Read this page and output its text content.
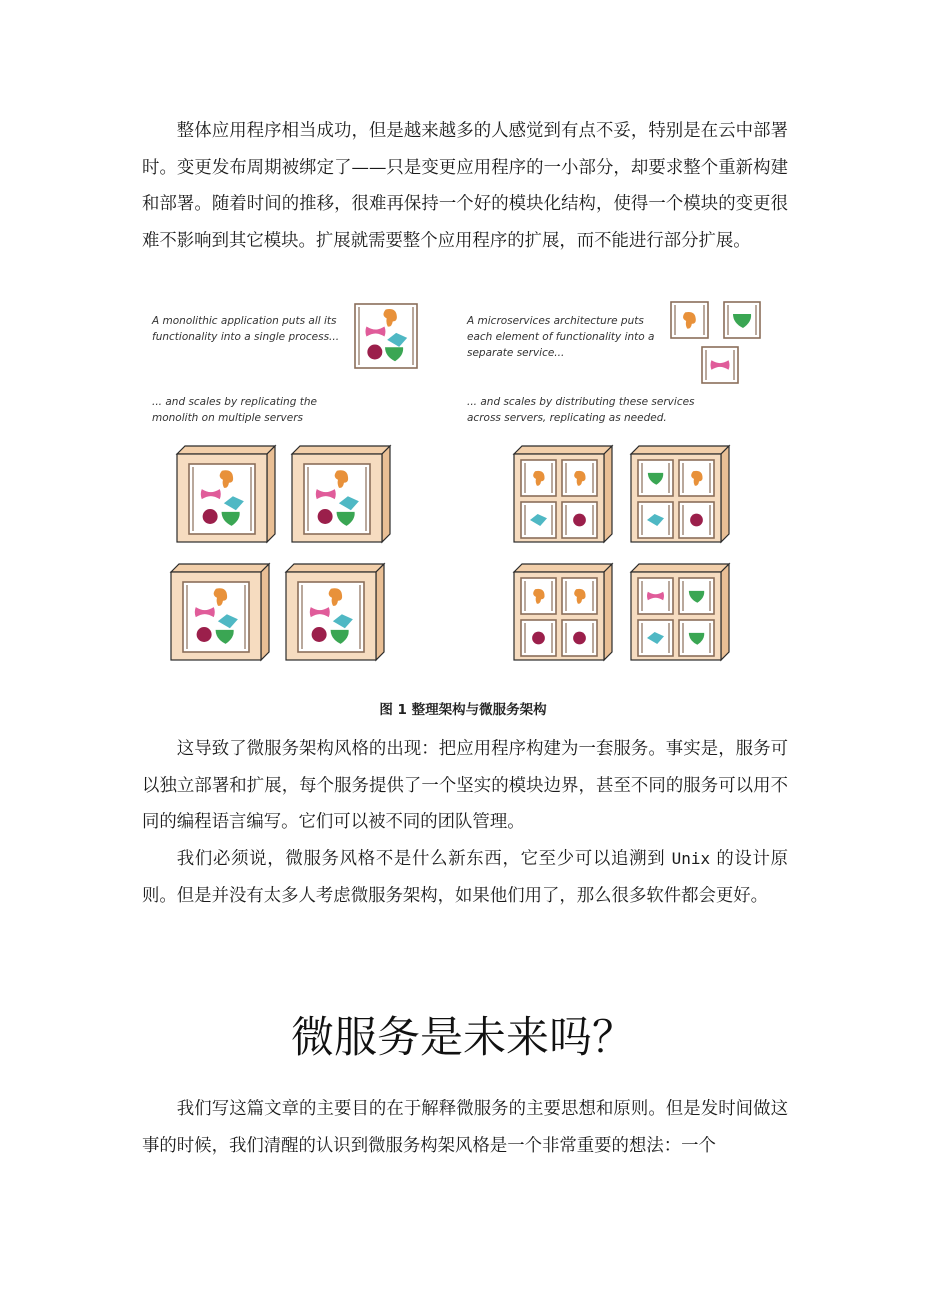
整体应用程序相当成功，但是越来越多的人感觉到有点不妥，特别是在云中部署时。变更发布周期被绑定了——只是变更应用程序的一小部分，却要求整个重新构建和部署。随着时间的推移，很难再保持一个好的模块化结构，使得一个模块的变更很难不影响到其它模块。扩展就需要整个应用程序的扩展，而不能进行部分扩展。

A monolithic application puts all its
functionality into a single process...
... and scales by replicating the
monolith on multiple servers
A microservices architecture puts
each element of functionality into a
separate service...
... and scales by distributing these services
across servers, replicating as needed.
图 1 整理架构与微服务架构

这导致了微服务架构风格的出现：把应用程序构建为一套服务。事实是，服务可以独立部署和扩展，每个服务提供了一个坚实的模块边界，甚至不同的服务可以用不同的编程语言编写。它们可以被不同的团队管理。

我们必须说，微服务风格不是什么新东西，它至少可以追溯到 Unix 的设计原则。但是并没有太多人考虑微服务架构，如果他们用了，那么很多软件都会更好。

微服务是未来吗？

我们写这篇文章的主要目的在于解释微服务的主要思想和原则。但是发时间做这事的时候，我们清醒的认识到微服务构架风格是一个非常重要的想法：一个
